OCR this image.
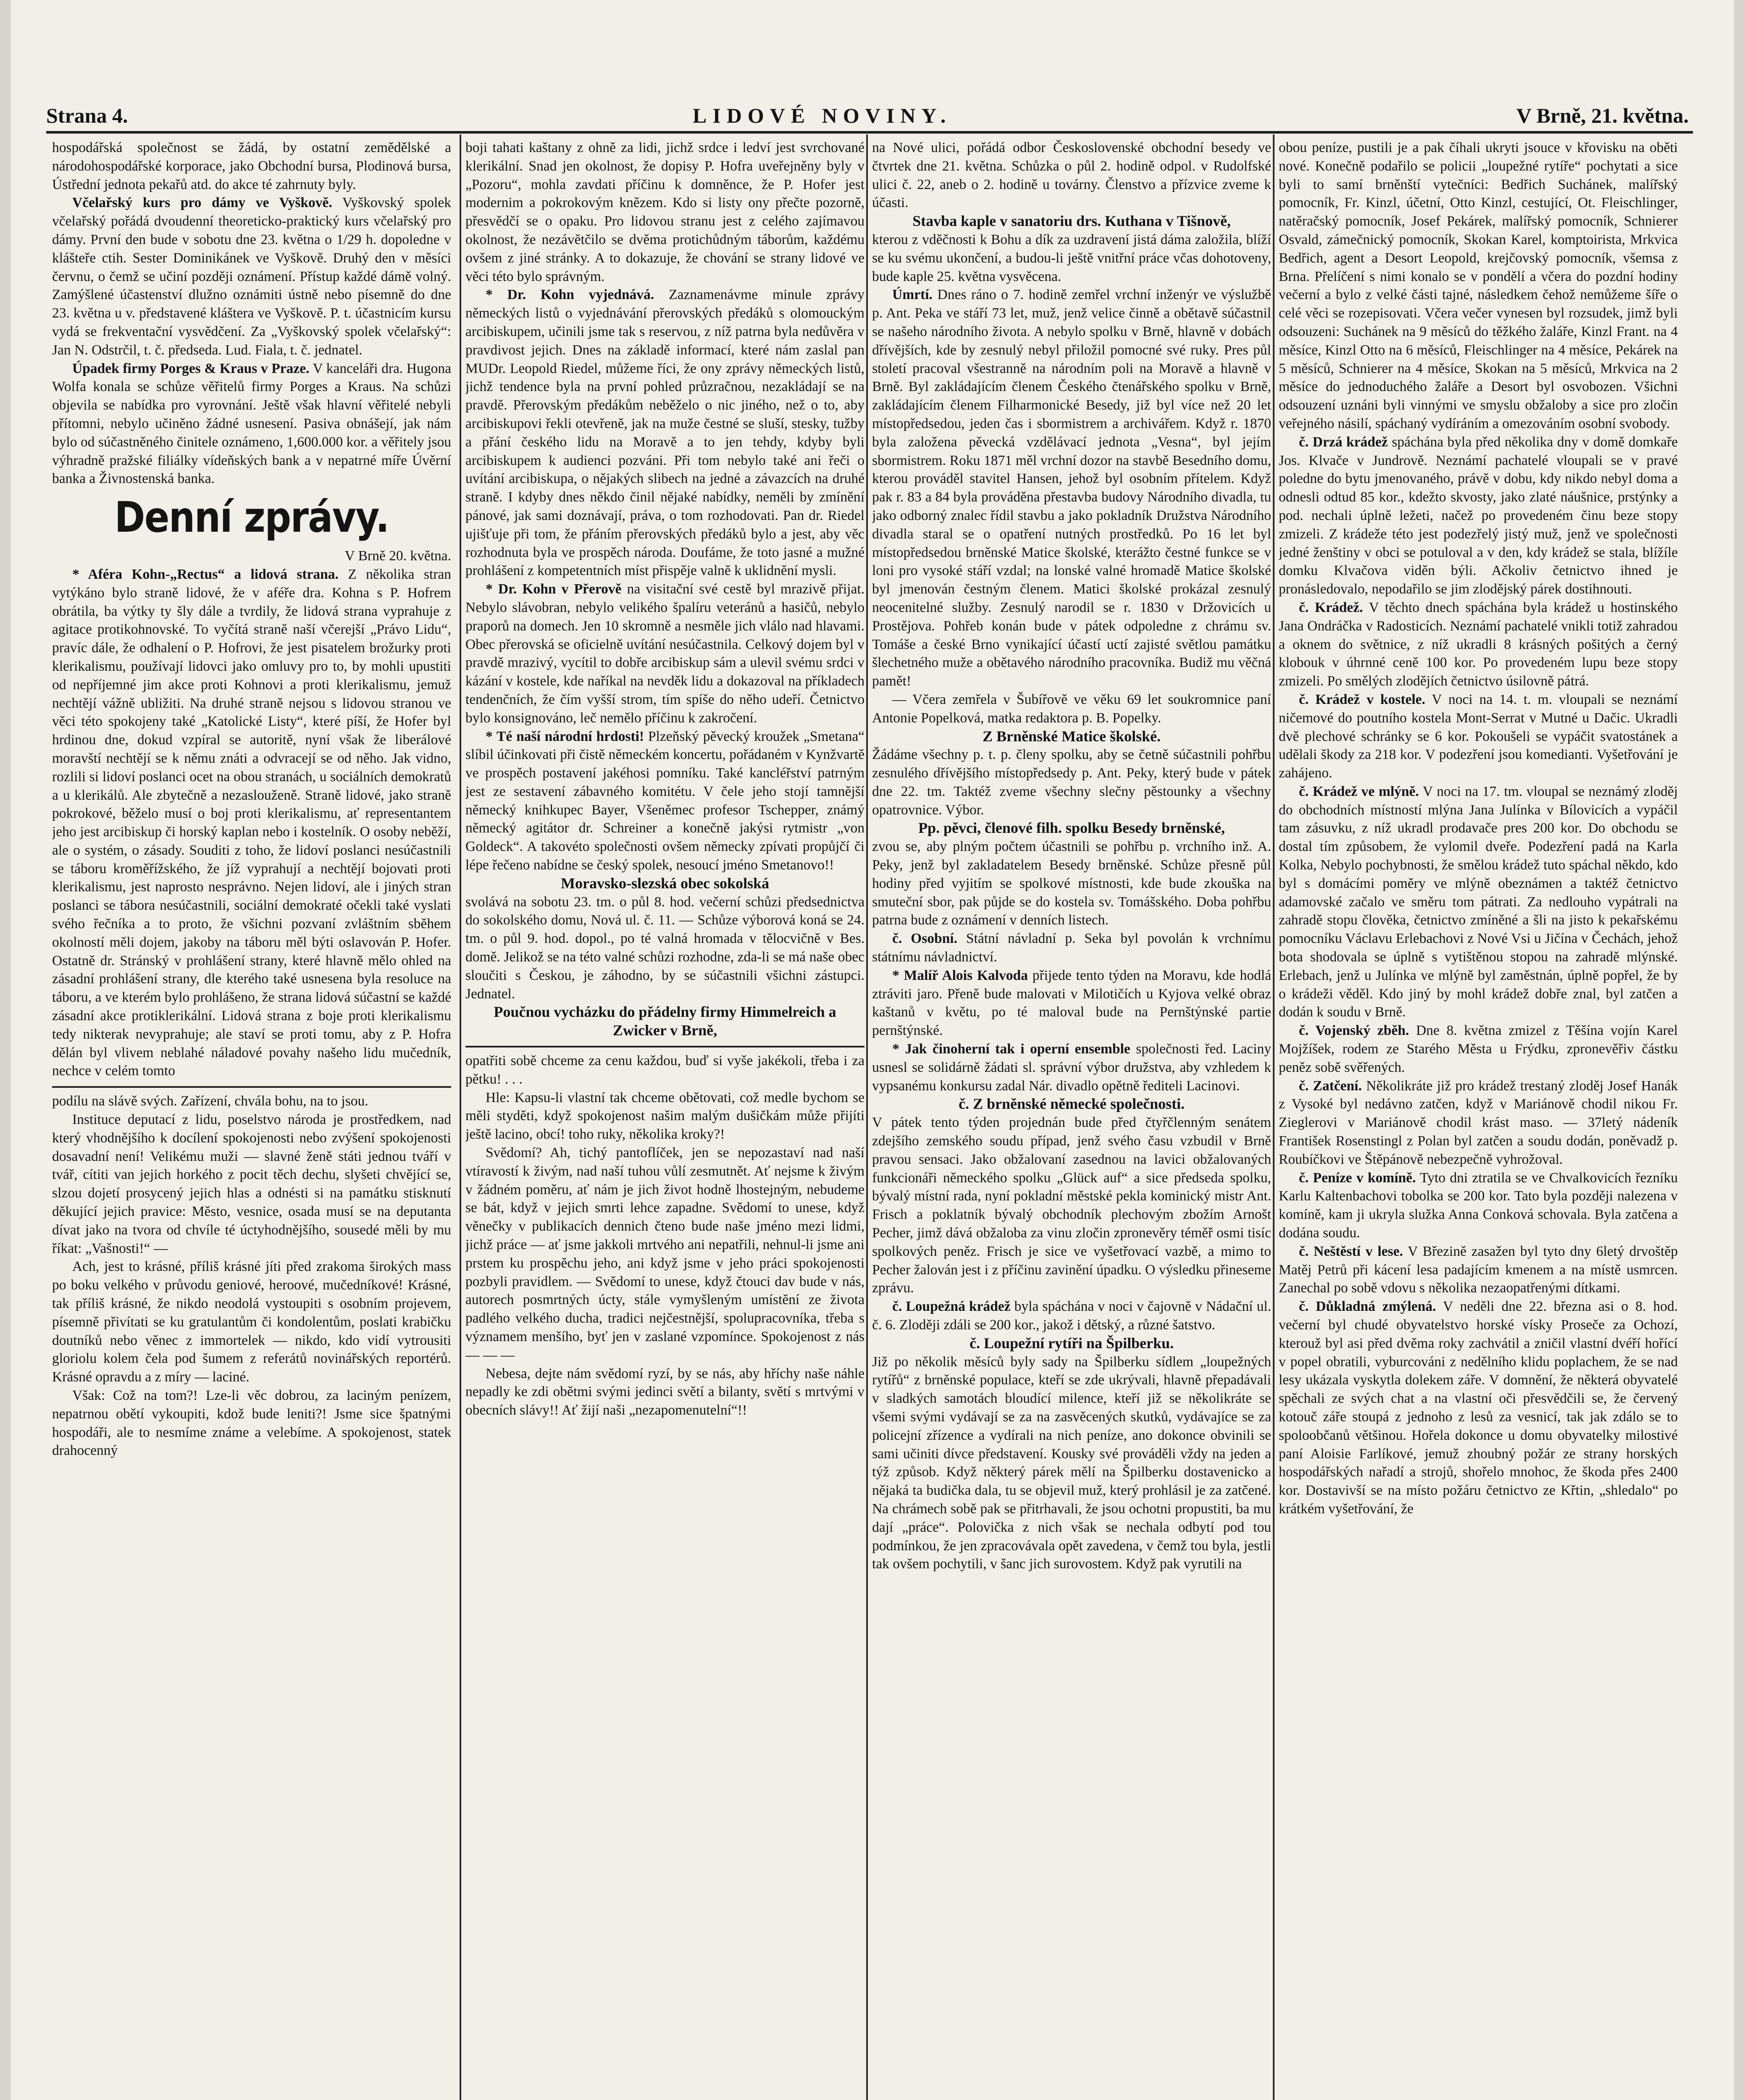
Strana 4.	LIDOVÉ NOVINY.	V Brně, 21. května.

hospodářská společnost se žádá, by ostatní zemědělské a národohospodářské korporace, jako Obchodní bursa, Plodinová bursa, Ústřední jednota pekařů atd. do akce té zahrnuty byly.

Včelařský kurs pro dámy ve Vyškově. Vyškovský spolek včelařský pořádá dvoudenní theoreticko-praktický kurs včelařský pro dámy. První den bude v sobotu dne 23. května o 1/29 h. dopoledne v klášteře ctih. Sester Dominikánek ve Vyškově. Druhý den v měsíci červnu, o čemž se učiní později oznámení. Přístup každé dámě volný. Zamýšlené účastenství dlužno oznámiti ústně nebo písemně do dne 23. května u v. představené kláštera ve Vyškově. P. t. účastnicím kursu vydá se frekventační vysvědčení. Za „Vyškovský spolek včelařský“: Jan N. Odstrčil, t. č. předseda. Lud. Fiala, t. č. jednatel.

Úpadek firmy Porges & Kraus v Praze. V kanceláři dra. Hugona Wolfa konala se schůze věřitelů firmy Porges a Kraus. Na schůzi objevila se nabídka pro vyrovnání. Ještě však hlavní věřitelé nebyli přítomni, nebylo učiněno žádné usnesení. Pasiva obnášejí, jak nám bylo od súčastněného činitele oznámeno, 1,600.000 kor. a věřitely jsou výhradně pražské filiálky vídeňských bank a v nepatrné míře Úvěrní banka a Živnostenská banka.

Denní zprávy.

V Brně 20. května.

* Aféra Kohn-„Rectus“ a lidová strana. Z několika stran vytýkáno bylo straně lidové, že v aféře dra. Kohna s P. Hofrem obrátila, ba výtky ty šly dále a tvrdily, že lidová strana vyprahuje z agitace protikohnovské. To vyčítá straně naší včerejší „Právo Lidu“, pravíc dále, že odhalení o P. Hofrovi, že jest pisatelem brožurky proti klerikalismu, používají lidovci jako omluvy pro to, by mohli upustiti od nepříjemné jim akce proti Kohnovi a proti klerikalismu, jemuž nechtějí vážně ubližiti. Na druhé straně nejsou s lidovou stranou ve věci této spokojeny také „Katolické Listy“, které píší, že Hofer byl hrdinou dne, dokud vzpíral se autoritě, nyní však že liberálové moravští nechtějí se k němu znáti a odvracejí se od něho. Jak vidno, rozlili si lidoví poslanci ocet na obou stranách, u sociálních demokratů a u klerikálů. Ale zbytečně a nezaslouženě. Straně lidové, jako straně pokrokové, běželo musí o boj proti klerikalismu, ať representantem jeho jest arcibiskup či horský kaplan nebo i kostelník. O osoby neběží, ale o systém, o zásady. Souditi z toho, že lidoví poslanci nesúčastnili se táboru kroměřížského, že jíž vyprahují a nechtějí bojovati proti klerikalismu, jest naprosto nesprávno. Nejen lidoví, ale i jiných stran poslanci se tábora nesúčastnili, sociální demokraté očekli také vyslati svého řečníka a to proto, že všichni pozvaní zvláštním sběhem okolností měli dojem, jakoby na táboru měl býti oslavován P. Hofer. Ostatně dr. Stránský v prohlášení strany, které hlavně mělo ohled na zásadní prohlášení strany, dle kterého také usnesena byla resoluce na táboru, a ve kterém bylo prohlášeno, že strana lidová súčastní se každé zásadní akce protiklerikální. Lidová strana z boje proti klerikalismu tedy nikterak nevyprahuje; ale staví se proti tomu, aby z P. Hofra dělán byl vlivem neblahé náladové povahy našeho lidu mučedník, nechce v celém tomto

podílu na slávě svých. Zařízení, chvála bohu, na to jsou.

Instituce deputací z lidu, poselstvo národa je prostředkem, nad který vhodnějšího k docílení spokojenosti nebo zvýšení spokojenosti dosavadní není! Velikému muži — slavné ženě státi jednou tváří v tvář, cítiti van jejich horkého z pocit těch dechu, slyšeti chvějící se, slzou dojetí prosycený jejich hlas a odnésti si na památku stisknutí děkující jejich pravice: Město, vesnice, osada musí se na deputanta dívat jako na tvora od chvíle té úctyhodnějšího, sousedé měli by mu říkat: „Vašnosti!“ —

Ach, jest to krásné, příliš krásné jíti před zrakoma širokých mass po boku velkého v průvodu geniové, heroové, mučedníkové! Krásné, tak příliš krásné, že nikdo neodolá vystoupiti s osobním projevem, písemně přivítati se ku gratulantům či kondolentům, poslati krabičku doutníků nebo věnec z immortelek — nikdo, kdo vidí vytrousiti gloriolu kolem čela pod šumem z referátů novinářských reportérů. Krásné opravdu a z míry — laciné.

Však: Což na tom?! Lze-li věc dobrou, za laciným penízem, nepatrnou obětí vykoupiti, kdož bude leniti?! Jsme sice špatnými hospodáři, ale to nesmíme známe a velebíme. A spokojenost, statek drahocenný

boji tahati kaštany z ohně za lidi, jichž srdce i ledví jest svrchované klerikální. Snad jen okolnost, že dopisy P. Hofra uveřejněny byly v „Pozoru“, mohla zavdati příčinu k domněnce, že P. Hofer jest modernim a pokrokovým knězem. Kdo si listy ony přečte pozorně, přesvědčí se o opaku. Pro lidovou stranu jest z celého zajímavou okolnost, že nezávětčilo se dvěma protichůdným táborům, každému ovšem z jiné stránky. A to dokazuje, že chování se strany lidové ve věci této bylo správným.

* Dr. Kohn vyjednává. Zaznamenávme minule zprávy německých listů o vyjednávání přerovských předáků s olomouckým arcibiskupem, učinili jsme tak s reservou, z níž patrna byla nedůvěra v pravdivost jejich. Dnes na základě informací, které nám zaslal pan MUDr. Leopold Riedel, můžeme říci, že ony zprávy německých listů, jichž tendence byla na první pohled průzračnou, nezakládají se na pravdě. Přerovským předákům neběželo o nic jiného, než o to, aby arcibiskupovi řekli otevřeně, jak na muže čestné se sluší, stesky, tužby a přání českého lidu na Moravě a to jen tehdy, kdyby byli arcibiskupem k audienci pozváni. Při tom nebylo také ani řeči o uvítání arcibiskupa, o nějakých slibech na jedné a závazcích na druhé straně. I kdyby dnes někdo činil nějaké nabídky, neměli by zmínění pánové, jak sami doznávají, práva, o tom rozhodovati. Pan dr. Riedel ujišťuje při tom, že přáním přerovských předáků bylo a jest, aby věc rozhodnuta byla ve prospěch národa. Doufáme, že toto jasné a mužné prohlášení z kompetentních míst přispěje valně k uklidnění mysli.

* Dr. Kohn v Přerově na visitační své cestě byl mrazivě přijat. Nebylo slávobran, nebylo velikého špalíru veteránů a hasičů, nebylo praporů na domech. Jen 10 skromně a nesměle jich vlálo nad hlavami. Obec přerovská se oficielně uvítání nesúčastnila. Celkový dojem byl v pravdě mrazivý, vycítil to dobře arcibiskup sám a ulevil svému srdci v kázání v kostele, kde naříkal na nevděk lidu a dokazoval na příkladech tendenčních, že čím vyšší strom, tím spíše do něho udeří. Četnictvo bylo konsignováno, leč nemělo příčinu k zakročení.

* Té naší národní hrdosti! Plzeňský pěvecký kroužek „Smetana“ slíbil účinkovati při čistě německém koncertu, pořádaném v Kynžvartě ve prospěch postavení jakéhosi pomníku. Také kancléřství patrným jest ze sestavení zábavného komitétu. V čele jeho stojí tamnější německý knihkupec Bayer, Všeněmec profesor Tschepper, známý německý agitátor dr. Schreiner a konečně jakýsi rytmistr „von Goldeck“. A takovéto společnosti ovšem německy zpívati propůjčí či lépe řečeno nabídne se český spolek, nesoucí jméno Smetanovo!!

Moravsko-slezská obec sokolská

svolává na sobotu 23. tm. o půl 8. hod. večerní schůzi předsednictva do sokolského domu, Nová ul. č. 11. — Schůze výborová koná se 24. tm. o půl 9. hod. dopol., po té valná hromada v tělocvičně v Bes. domě. Jelikož se na této valné schůzi rozhodne, zda-li se má naše obec sloučiti s Českou, je záhodno, by se súčastnili všichni zástupci. Jednatel.

Poučnou vycházku do přádelny firmy Himmelreich a Zwicker v Brně,

opatřiti sobě chceme za cenu každou, buď si vyše jakékoli, třeba i za pětku! . . .

Hle: Kapsu-li vlastní tak chceme obětovati, což medle bychom se měli styděti, když spokojenost našim malým dušičkám může přijíti ještě lacino, obcí! toho ruky, několika kroky?!

Svědomí? Ah, tichý pantoflíček, jen se nepozastaví nad naší vtíravostí k živým, nad naší tuhou vůlí zesmutnět. Ať nejsme k živým v žádném poměru, ať nám je jich život hodně lhostejným, nebudeme se bát, když v jejich smrti lehce zapadne. Svědomí to unese, když věnečky v publikacích dennich čteno bude naše jméno mezi lidmi, jichž práce — ať jsme jakkoli mrtvého ani nepatřili, nehnul-li jsme ani prstem ku prospěchu jeho, ani když jsme v jeho práci spokojenosti pozbyli pravidlem. — Svědomí to unese, když čtouci dav bude v nás, autorech posmrtných úcty, stále vymyšleným umístění ze života padlého velkého ducha, tradici nejčestnější, spolupracovníka, třeba s významem menšího, byť jen v zaslané vzpomínce. Spokojenost z nás — — —

Nebesa, dejte nám svědomí ryzí, by se nás, aby hříchy naše náhle nepadly ke zdi obětmi svými jedinci světí a bilanty, světí s mrtvými v obecních slávy!! Ať žijí naši „nezapomenutelní“!!

na Nové ulici, pořádá odbor Československé obchodní besedy ve čtvrtek dne 21. května. Schůzka o půl 2. hodině odpol. v Rudolfské ulici č. 22, aneb o 2. hodině u továrny. Členstvo a přízvice zveme k účasti.

Stavba kaple v sanatoriu drs. Kuthana v Tišnově,

kterou z vděčnosti k Bohu a dík za uzdravení jistá dáma založila, blíží se ku svému ukončení, a budou-li ještě vnitřní práce včas dohotoveny, bude kaple 25. května vysvěcena.

Úmrtí. Dnes ráno o 7. hodině zemřel vrchní inženýr ve výslužbě p. Ant. Peka ve stáří 73 let, muž, jenž velice činně a obětavě súčastnil se našeho národního života. A nebylo spolku v Brně, hlavně v dobách dřívějších, kde by zesnulý nebyl přiložil pomocné své ruky. Pres půl století pracoval všestranně na národním poli na Moravě a hlavně v Brně. Byl zakládajícím členem Českého čtenářského spolku v Brně, zakládajícím členem Filharmonické Besedy, již byl více než 20 let místopředsedou, jeden čas i sbormistrem a archivářem. Když r. 1870 byla založena pěvecká vzdělávací jednota „Vesna“, byl jejím sbormistrem. Roku 1871 měl vrchní dozor na stavbě Besedního domu, kterou prováděl stavitel Hansen, jehož byl osobním přítelem. Když pak r. 83 a 84 byla prováděna přestavba budovy Národního divadla, tu jako odborný znalec řídil stavbu a jako pokladník Družstva Národního divadla staral se o opatření nutných prostředků. Po 16 let byl místopředsedou brněnské Matice školské, kterážto čestné funkce se v loni pro vysoké stáří vzdal; na lonské valné hromadě Matice školské byl jmenován čestným členem. Matici školské prokázal zesnulý neocenitelné služby. Zesnulý narodil se r. 1830 v Držovicích u Prostějova. Pohřeb konán bude v pátek odpoledne z chrámu sv. Tomáše a české Brno vynikající účastí uctí zajisté světlou památku šlechetného muže a obětavého národního pracovníka. Budiž mu věčná pamět!

— Včera zemřela v Šubířově ve věku 69 let soukromnice paní Antonie Popelková, matka redaktora p. B. Popelky.

Z Brněnské Matice školské.

Žádáme všechny p. t. p. členy spolku, aby se četně súčastnili pohřbu zesnulého dřívějšího místopředsedy p. Ant. Peky, který bude v pátek dne 22. tm. Taktéž zveme všechny slečny pěstounky a všechny opatrovnice. Výbor.

Pp. pěvci, členové filh. spolku Besedy brněnské,

zvou se, aby plným počtem účastnili se pohřbu p. vrchního inž. A. Peky, jenž byl zakladatelem Besedy brněnské. Schůze přesně půl hodiny před vyjitím se spolkové místnosti, kde bude zkouška na smuteční sbor, pak půjde se do kostela sv. Tomášského. Doba pohřbu patrna bude z oznámení v denních listech.

č. Osobní. Státní návladní p. Seka byl povolán k vrchnímu státnímu návladnictví.

* Malíř Alois Kalvoda přijede tento týden na Moravu, kde hodlá ztráviti jaro. Přeně bude malovati v Milotičích u Kyjova velké obraz kaštanů v květu, po té maloval bude na Pernštýnské partie pernštýnské.

* Jak činoherní tak i operní ensemble společnosti řed. Laciny usnesl se solidárně žádati sl. správní výbor družstva, aby vzhledem k vypsanému konkursu zadal Nár. divadlo opětně řediteli Lacinovi.

č. Z brněnské německé společnosti.

V pátek tento týden projednán bude před čtyřčlenným senátem zdejšího zemského soudu případ, jenž svého času vzbudil v Brně pravou sensaci. Jako obžalovaní zasednou na lavici obžalovaných funkcionáři německého spolku „Glück auf“ a sice předseda spolku, bývalý místní rada, nyní pokladní městské pekla kominický mistr Ant. Frisch a poklatník bývalý obchodník plechovým zbožím Arnošt Pecher, jimž dává obžaloba za vinu zločin zpronevěry téměř osmi tisíc spolkových peněz. Frisch je sice ve vyšetřovací vazbě, a mimo to Pecher žalován jest i z příčinu zavinění úpadku. O výsledku přineseme zprávu.

č. Loupežná krádež byla spáchána v noci v čajovně v Nádační ul. č. 6. Zloději zdáli se 200 kor., jakož i dětský, a různé šatstvo.

č. Loupežní rytíři na Špilberku.

Již po několik měsíců byly sady na Špilberku sídlem „loupežných rytířů“ z brněnské populace, kteří se zde ukrývali, hlavně přepadávali v sladkých samotách bloudící milence, kteří již se několikráte se všemi svými vydávají se za na zasvěcených skutků, vydávajíce se za policejní zřízence a vydírali na nich peníze, ano dokonce obvinili se sami učiniti dívce představení. Kousky své prováděli vždy na jeden a týž způsob. Když některý párek mělí na Špilberku dostavenicko a nějaká ta budička dala, tu se objevil muž, který prohlásil je za zatčené. Na chrámech sobě pak se přitrhavali, že jsou ochotni propustiti, ba mu dají „práce“. Polovička z nich však se nechala odbytí pod tou podmínkou, že jen zpracovávala opět zavedena, v čemž tou byla, jestli tak ovšem pochytili, v šanc jich surovostem. Když pak vyrutili na

obou peníze, pustili je a pak číhali ukryti jsouce v křovisku na oběti nové. Konečně podařilo se policii „loupežné rytíře“ pochytati a sice byli to samí brněnští vytečníci: Bedřich Suchánek, malířský pomocník, Fr. Kinzl, účetní, Otto Kinzl, cestující, Ot. Fleischlinger, natěračský pomocník, Josef Pekárek, malířský pomocník, Schnierer Osvald, zámečnický pomocník, Skokan Karel, komptoirista, Mrkvica Bedřich, agent a Desort Leopold, krejčovský pomocník, všemsa z Brna. Přelíčení s nimi konalo se v pondělí a včera do pozdní hodiny večerní a bylo z velké části tajné, následkem čehož nemůžeme šíře o celé věci se rozepisovati. Včera večer vynesen byl rozsudek, jimž byli odsouzeni: Suchánek na 9 měsíců do těžkého žaláře, Kinzl Frant. na 4 měsíce, Kinzl Otto na 6 měsíců, Fleischlinger na 4 měsíce, Pekárek na 5 měsíců, Schnierer na 4 měsíce, Skokan na 5 měsíců, Mrkvica na 2 měsíce do jednoduchého žaláře a Desort byl osvobozen. Všichni odsouzení uznáni byli vinnými ve smyslu obžaloby a sice pro zločin veřejného násilí, spáchaný vydíráním a omezováním osobní svobody.

č. Drzá krádež spáchána byla před několika dny v domě domkaře Jos. Klvače v Jundrově. Neznámí pachatelé vloupali se v pravé poledne do bytu jmenovaného, právě v dobu, kdy nikdo nebyl doma a odnesli odtud 85 kor., kdežto skvosty, jako zlaté náušnice, prstýnky a pod. nechali úplně ležeti, načež po provedeném činu beze stopy zmizeli. Z krádeže této jest podezřelý jistý muž, jenž ve společnosti jedné ženštiny v obci se potuloval a v den, kdy krádež se stala, blížíle domku Klvačova viděn býli. Ačkoliv četnictvo ihned je pronásledovalo, nepodařilo se jim zlodějský párek dostihnouti.

č. Krádež. V těchto dnech spáchána byla krádež u hostinského Jana Ondráčka v Radosticích. Neznámí pachatelé vnikli totiž zahradou a oknem do světnice, z níž ukradli 8 krásných pošitých a černý klobouk v úhrnné ceně 100 kor. Po provedeném lupu beze stopy zmizeli. Po smělých zlodějích četnictvo úsilovně pátrá.

č. Krádež v kostele. V noci na 14. t. m. vloupali se neznámí ničemové do poutního kostela Mont-Serrat v Mutné u Dačic. Ukradli dvě plechové schránky se 6 kor. Pokoušeli se vypáčit svatostánek a udělali škody za 218 kor. V podezření jsou komedianti. Vyšetřování je zahájeno.

č. Krádež ve mlýně. V noci na 17. tm. vloupal se neznámý zloděj do obchodních místností mlýna Jana Julínka v Bílovicích a vypáčil tam zásuvku, z níž ukradl prodavače pres 200 kor. Do obchodu se dostal tím způsobem, že vylomil dveře. Podezření padá na Karla Kolka, Nebylo pochybnosti, že smělou krádež tuto spáchal někdo, kdo byl s domácími poměry ve mlýně obeznámen a taktéž četnictvo adamovské začalo ve směru tom pátrati. Za nedlouho vypátrali na zahradě stopu člověka, četnictvo zmíněné a šli na jisto k pekařskému pomocníku Václavu Erlebachovi z Nové Vsi u Jičína v Čechách, jehož bota shodovala se úplně s vytištěnou stopou na zahradě mlýnské. Erlebach, jenž u Julínka ve mlýně byl zaměstnán, úplně popřel, že by o krádeži věděl. Kdo jiný by mohl krádež dobře znal, byl zatčen a dodán k soudu v Brně.

č. Vojenský zběh. Dne 8. května zmizel z Těšína vojín Karel Mojžíšek, rodem ze Starého Města u Frýdku, zpronevěřiv částku peněz sobě svěřených.

č. Zatčení. Několikráte již pro krádež trestaný zloděj Josef Hanák z Vysoké byl nedávno zatčen, když v Mariánově chodil nikou Fr. Zieglerovi v Mariánově chodil krást maso. — 37letý nádeník František Rosenstingl z Polan byl zatčen a soudu dodán, poněvadž p. Roubíčkovi ve Štěpánově nebezpečně vyhrožoval.

č. Peníze v komíně. Tyto dni ztratila se ve Chvalkovicích řezníku Karlu Kaltenbachovi tobolka se 200 kor. Tato byla později nalezena v komíně, kam ji ukryla služka Anna Conková schovala. Byla zatčena a dodána soudu.

č. Neštěstí v lese. V Březině zasažen byl tyto dny 6letý drvoštěp Matěj Petrů při kácení lesa padajícím kmenem a na místě usmrcen. Zanechal po sobě vdovu s několika nezaopatřenými dítkami.

č. Důkladná zmýlená. V neděli dne 22. března asi o 8. hod. večerní byl chudé obyvatelstvo horské vísky Proseče za Ochozí, kterouž byl asi před dvěma roky zachvátil a zničil vlastní dvéří hořící v popel obratili, vyburcováni z nedělního klidu poplachem, že se nad lesy ukázala vyskytla dolekem záře. V domnění, že některá obyvatelé spěchali ze svých chat a na vlastní oči přesvědčili se, že červený kotouč záře stoupá z jednoho z lesů za vesnicí, tak jak zdálo se to spoloobčanů většinou. Hořela dokonce u domu obyvatelky milostivé paní Aloisie Farlíkové, jemuž zhoubný požár ze strany horských hospodářských nařadí a strojů, shořelo mnohoc, že škoda přes 2400 kor. Dostavivší se na místo požáru četnictvo ze Křtin, „shledalo“ po krátkém vyšetřování, že
